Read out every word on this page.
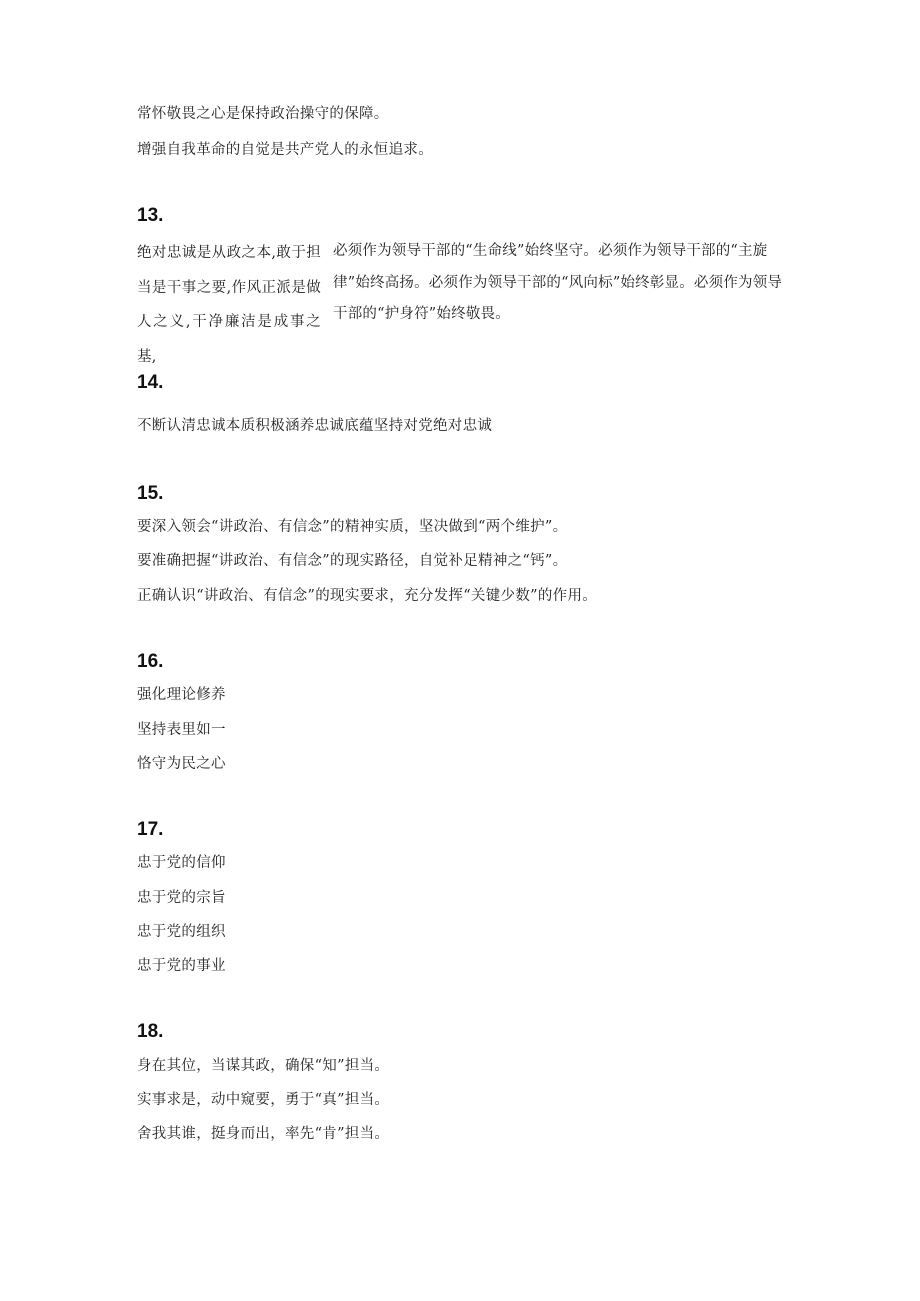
常怀敬畏之心是保持政治操守的保障。
增强自我革命的自觉是共产党人的永恒追求。
13.
绝对忠诚是从政之本,敢于担当是干事之要,作风正派是做人之义,干净廉洁是成事之基,
必须作为领导干部的“生命线”始终坚守。必须作为领导干部的“主旋律”始终高扬。必须作为领导干部的“风向标”始终彰显。必须作为领导干部的“护身符”始终敬畏。
14.
不断认清忠诚本质积极涵养忠诚底蕴坚持对党绝对忠诚
15.
要深入领会“讲政治、有信念”的精神实质，坚决做到“两个维护”。
要准确把握“讲政治、有信念”的现实路径，自觉补足精神之“钙”。
正确认识“讲政治、有信念”的现实要求，充分发挥“关键少数”的作用。
16.
强化理论修养
坚持表里如一
恪守为民之心
17.
忠于党的信仰
忠于党的宗旨
忠于党的组织
忠于党的事业
18.
身在其位，当谋其政，确保“知”担当。
实事求是，动中窥要，勇于“真”担当。
舍我其谁，挺身而出，率先“肯”担当。
